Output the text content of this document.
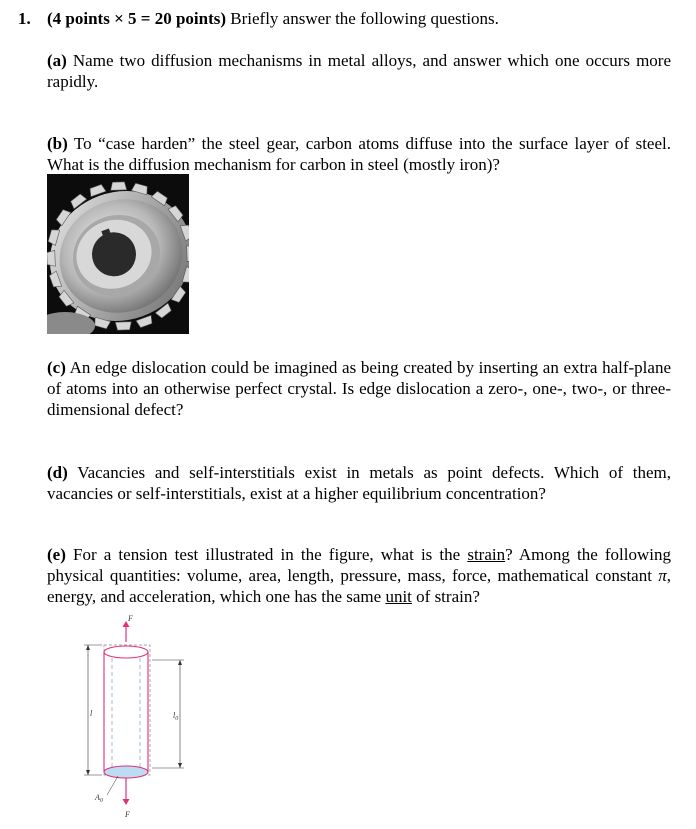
1. (4 points × 5 = 20 points) Briefly answer the following questions.
(a) Name two diffusion mechanisms in metal alloys, and answer which one occurs more rapidly.
(b) To “case harden” the steel gear, carbon atoms diffuse into the surface layer of steel. What is the diffusion mechanism for carbon in steel (mostly iron)?
(c) An edge dislocation could be imagined as being created by inserting an extra half-plane of atoms into an otherwise perfect crystal. Is edge dislocation a zero-, one-, two-, or three-dimensional defect?
(d) Vacancies and self-interstitials exist in metals as point defects. Which of them, vacancies or self-interstitials, exist at a higher equilibrium concentration?
(e) For a tension test illustrated in the figure, what is the strain? Among the following physical quantities: volume, area, length, pressure, mass, force, mathematical constant π, energy, and acceleration, which one has the same unit of strain?
F
l	$l_0$
$A_0$
F
